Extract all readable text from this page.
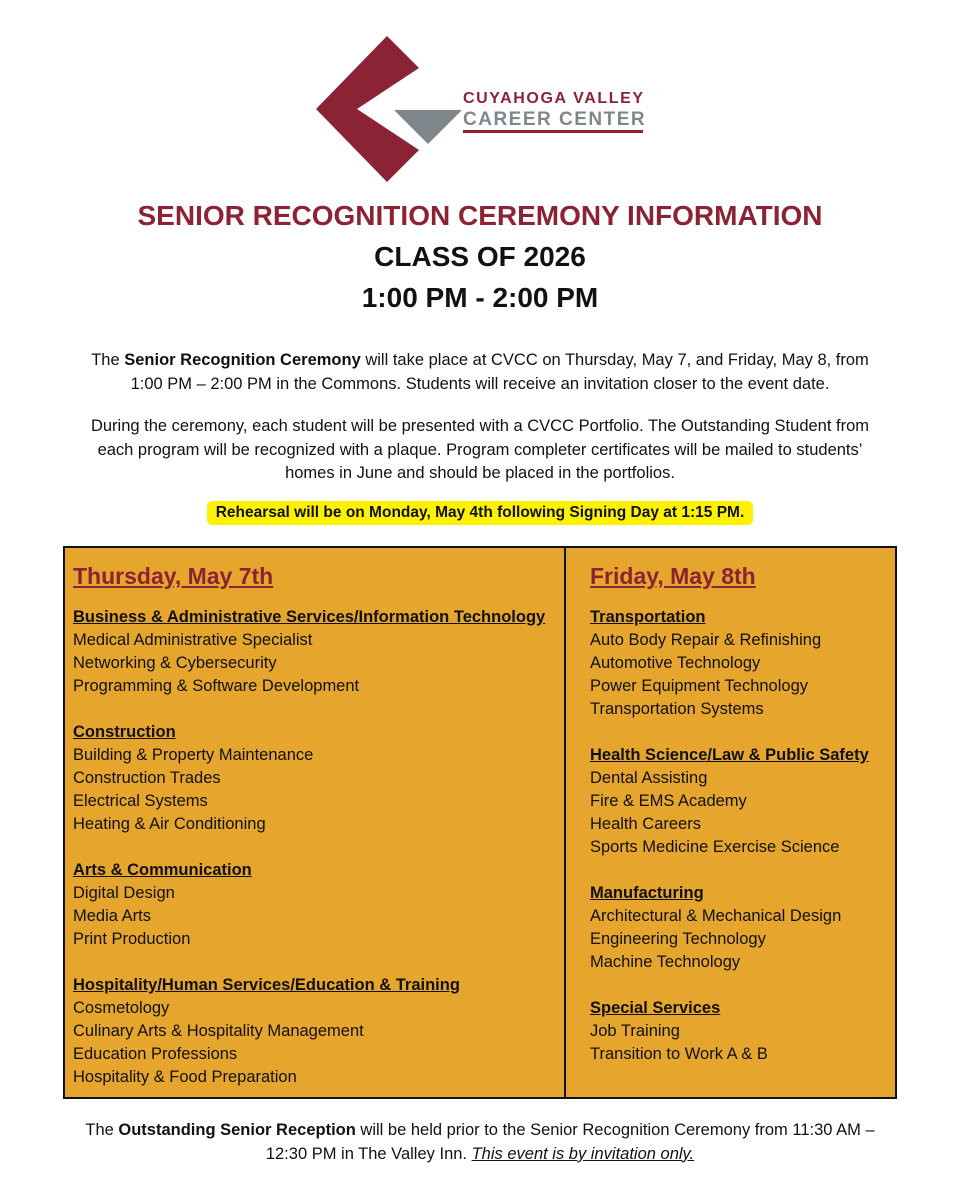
CUYAHOGA VALLEY
CAREER CENTER
SENIOR RECOGNITION CEREMONY INFORMATION
CLASS OF 2026
1:00 PM - 2:00 PM
The Senior Recognition Ceremony will take place at CVCC on Thursday, May 7, and Friday, May 8, from 1:00 PM – 2:00 PM in the Commons. Students will receive an invitation closer to the event date.
During the ceremony, each student will be presented with a CVCC Portfolio. The Outstanding Student from each program will be recognized with a plaque. Program completer certificates will be mailed to students’ homes in June and should be placed in the portfolios.
Rehearsal will be on Monday, May 4th following Signing Day at 1:15 PM.
Thursday, May 7th
Business & Administrative Services/Information Technology
Medical Administrative Specialist
Networking & Cybersecurity
Programming & Software Development
Construction
Building & Property Maintenance
Construction Trades
Electrical Systems
Heating & Air Conditioning
Arts & Communication
Digital Design
Media Arts
Print Production
Hospitality/Human Services/Education & Training
Cosmetology
Culinary Arts & Hospitality Management
Education Professions
Hospitality & Food Preparation
Friday, May 8th
Transportation
Auto Body Repair & Refinishing
Automotive Technology
Power Equipment Technology
Transportation Systems
Health Science/Law & Public Safety
Dental Assisting
Fire & EMS Academy
Health Careers
Sports Medicine Exercise Science
Manufacturing
Architectural & Mechanical Design
Engineering Technology
Machine Technology
Special Services
Job Training
Transition to Work A & B
The Outstanding Senior Reception will be held prior to the Senior Recognition Ceremony from 11:30 AM – 12:30 PM in The Valley Inn. This event is by invitation only.
